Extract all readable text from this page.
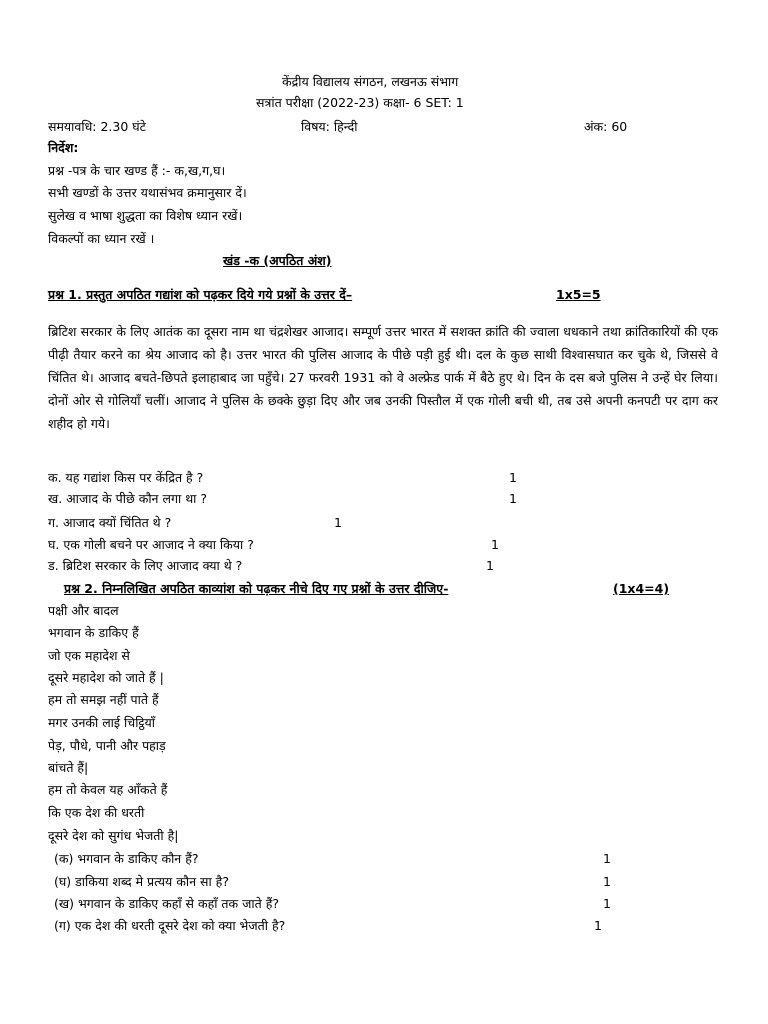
केंद्रीय विद्यालय संगठन, लखनऊ संभाग
सत्रांत परीक्षा (2022-23) कक्षा- 6 SET: 1
समयावधि: 2.30 घंटे	विषय: हिन्दी	अंक: 60
निर्देश:
प्रश्न -पत्र के चार खण्ड हैं :- क,ख,ग,घ।
सभी खण्डों के उत्तर यथासंभव क्रमानुसार दें।
सुलेख व भाषा शुद्धता का विशेष ध्यान रखें।
विकल्पों का ध्यान रखें ।
खंड -क (अपठित अंश)
प्रश्न 1. प्रस्तुत अपठित गद्यांश को पढ़कर दिये गये प्रश्नों के उत्तर दें–	1x5=5
ब्रिटिश सरकार के लिए आतंक का दूसरा नाम था चंद्रशेखर आजाद। सम्पूर्ण उत्तर भारत में सशक्त क्रांति की ज्वाला धधकाने तथा क्रांतिकारियों की एक पीढ़ी तैयार करने का श्रेय आजाद को है। उत्तर भारत की पुलिस आजाद के पीछे पड़ी हुई थी। दल के कुछ साथी विश्वासघात कर चुके थे, जिससे वे चिंतित थे। आजाद बचते-छिपते इलाहाबाद जा पहुँचे। 27 फरवरी 1931 को वे अल्फ्रेड पार्क में बैठे हुए थे। दिन के दस बजे पुलिस ने उन्हें घेर लिया। दोनों ओर से गोलियाँ चलीं। आजाद ने पुलिस के छक्के छुड़ा दिए और जब उनकी पिस्तौल में एक गोली बची थी, तब उसे अपनी कनपटी पर दाग कर शहीद हो गये।
क. यह गद्यांश किस पर केंद्रित है ?	1
ख. आजाद के पीछे कौन लगा था ?	1
ग. आजाद क्यों चिंतित थे ?	1
घ. एक गोली बचने पर आजाद ने क्या किया ?	1
ड. ब्रिटिश सरकार के लिए आजाद क्या थे ?	1
प्रश्न 2. निम्नलिखित अपठित काव्यांश को पढ़कर नीचे दिए गए प्रश्नों के उत्तर दीजिए-	(1x4=4)
पक्षी और बादल
भगवान के डाकिए हैं
जो एक महादेश से
दूसरे महादेश को जाते हैं |
हम तो समझ नहीं पाते हैं
मगर उनकी लाई चिट्ठियाँ
पेड़, पौधे, पानी और पहाड़
बांचते हैं|
हम तो केवल यह आँकते हैं
कि एक देश की धरती
दूसरे देश को सुगंध भेजती है|
(क) भगवान के डाकिए कौन हैं?	1
(घ) डाकिया शब्द मे प्रत्यय कौन सा है?	1
(ख) भगवान के डाकिए कहाँ से कहाँ तक जाते हैं?	1
(ग) एक देश की धरती दूसरे देश को क्या भेजती है?	1
